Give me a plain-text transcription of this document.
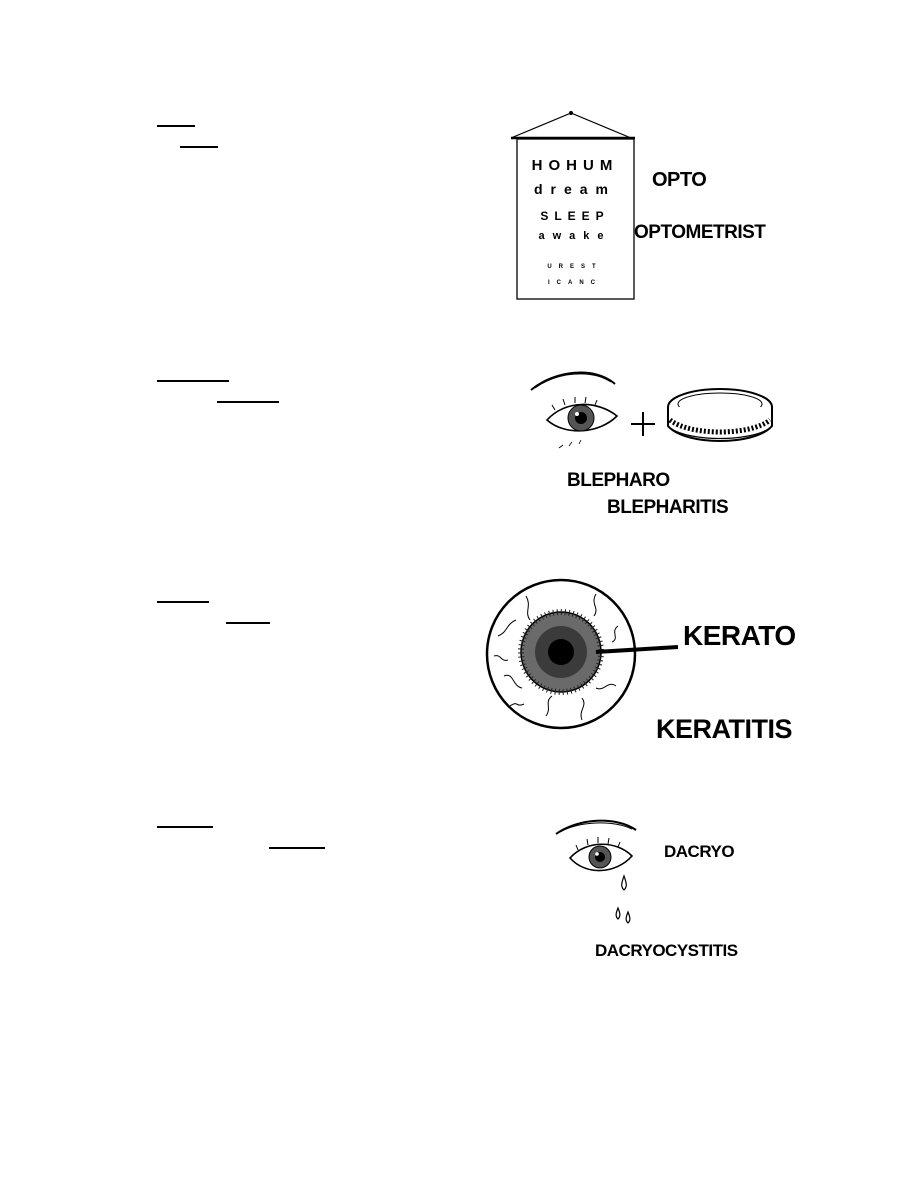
HOHUM
dream
SLEEP
awake
UREST
ICANC
OPTO
OPTOMETRIST
BLEPHARO
BLEPHARITIS
KERATO
KERATITIS
DACRYO
DACRYOCYSTITIS
